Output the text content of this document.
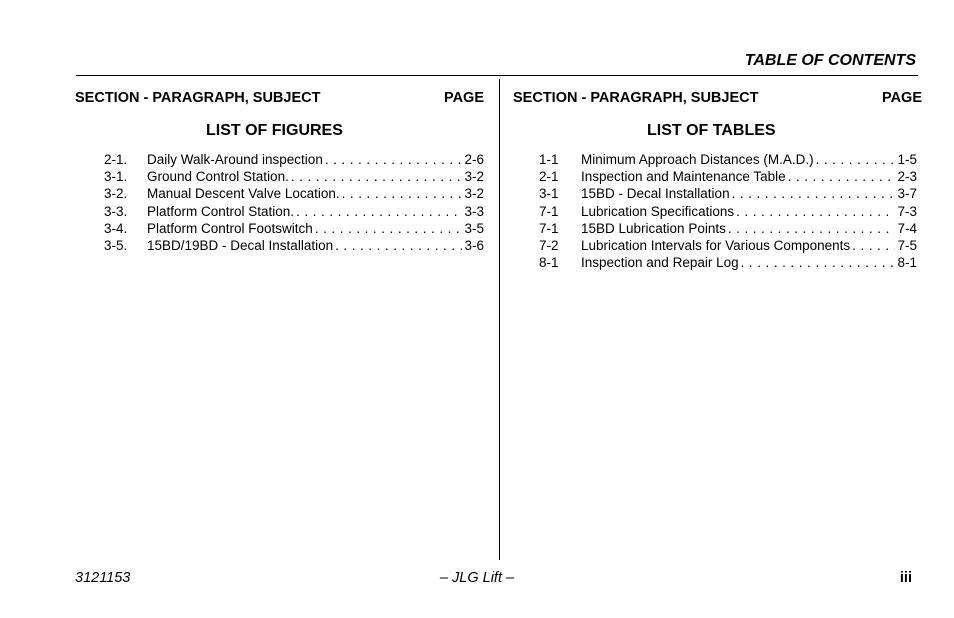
TABLE OF CONTENTS
SECTION - PARAGRAPH, SUBJECT	PAGE
LIST OF FIGURES
2-1. Daily Walk-Around inspection . . .	2-6
3-1. Ground Control Station. . . .	3-2
3-2. Manual Descent Valve Location. . . .	3-2
3-3. Platform Control Station. . . .	3-3
3-4. Platform Control Footswitch . . .	3-5
3-5. 15BD/19BD - Decal Installation . . .	3-6
SECTION - PARAGRAPH, SUBJECT	PAGE
LIST OF TABLES
1-1 Minimum Approach Distances (M.A.D.) . . .	1-5
2-1 Inspection and Maintenance Table . . .	2-3
3-1 15BD - Decal Installation . . .	3-7
7-1 Lubrication Specifications . . .	7-3
7-1 15BD Lubrication Points . . .	7-4
7-2 Lubrication Intervals for Various Components . . .	7-5
8-1 Inspection and Repair Log . . .	8-1
3121153	– JLG Lift –	iii
